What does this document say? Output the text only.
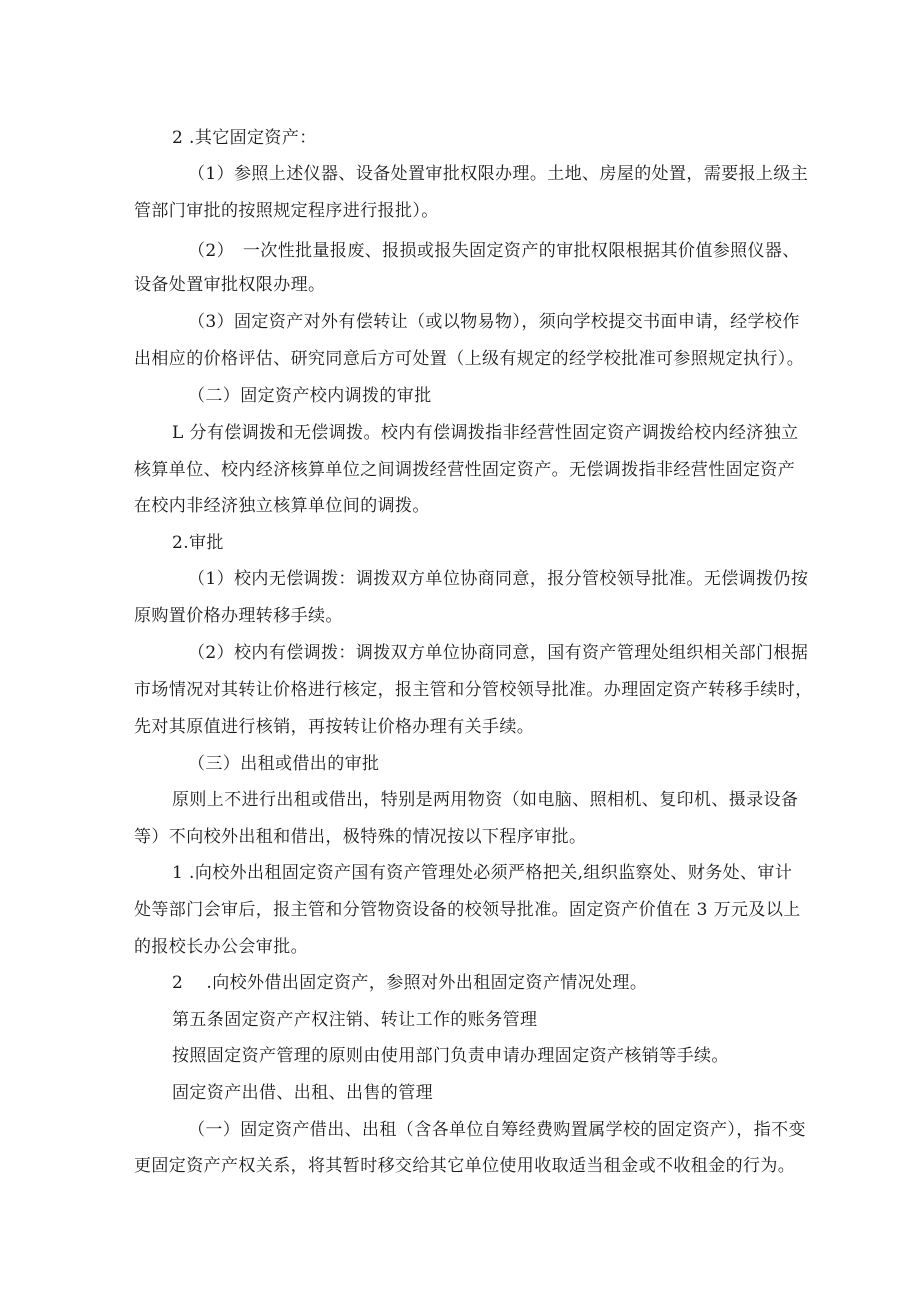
2 .其它固定资产：
（1）参照上述仪器、设备处置审批权限办理。土地、房屋的处置，需要报上级主
管部门审批的按照规定程序进行报批）。
（2）　一次性批量报废、报损或报失固定资产的审批权限根据其价值参照仪器、
设备处置审批权限办理。
（3）固定资产对外有偿转让（或以物易物），须向学校提交书面申请，经学校作
出相应的价格评估、研究同意后方可处置（上级有规定的经学校批准可参照规定执行）。
（二）固定资产校内调拨的审批
L 分有偿调拨和无偿调拨。校内有偿调拨指非经营性固定资产调拨给校内经济独立
核算单位、校内经济核算单位之间调拨经营性固定资产。无偿调拨指非经营性固定资产
在校内非经济独立核算单位间的调拨。
2.审批
（1）校内无偿调拨：调拨双方单位协商同意，报分管校领导批准。无偿调拨仍按
原购置价格办理转移手续。
（2）校内有偿调拨：调拨双方单位协商同意，国有资产管理处组织相关部门根据
市场情况对其转让价格进行核定，报主管和分管校领导批准。办理固定资产转移手续时，
先对其原值进行核销，再按转让价格办理有关手续。
（三）出租或借出的审批
原则上不进行出租或借出，特别是两用物资（如电脑、照相机、复印机、摄录设备
等）不向校外出租和借出，极特殊的情况按以下程序审批。
1 .向校外出租固定资产国有资产管理处必须严格把关,组织监察处、财务处、审计
处等部门会审后，报主管和分管物资设备的校领导批准。固定资产价值在 3 万元及以上
的报校长办公会审批。
2　 .向校外借出固定资产，参照对外出租固定资产情况处理。
第五条固定资产产权注销、转让工作的账务管理
按照固定资产管理的原则由使用部门负责申请办理固定资产核销等手续。
固定资产出借、出租、出售的管理
（一）固定资产借出、出租（含各单位自筹经费购置属学校的固定资产），指不变
更固定资产产权关系，将其暂时移交给其它单位使用收取适当租金或不收租金的行为。
